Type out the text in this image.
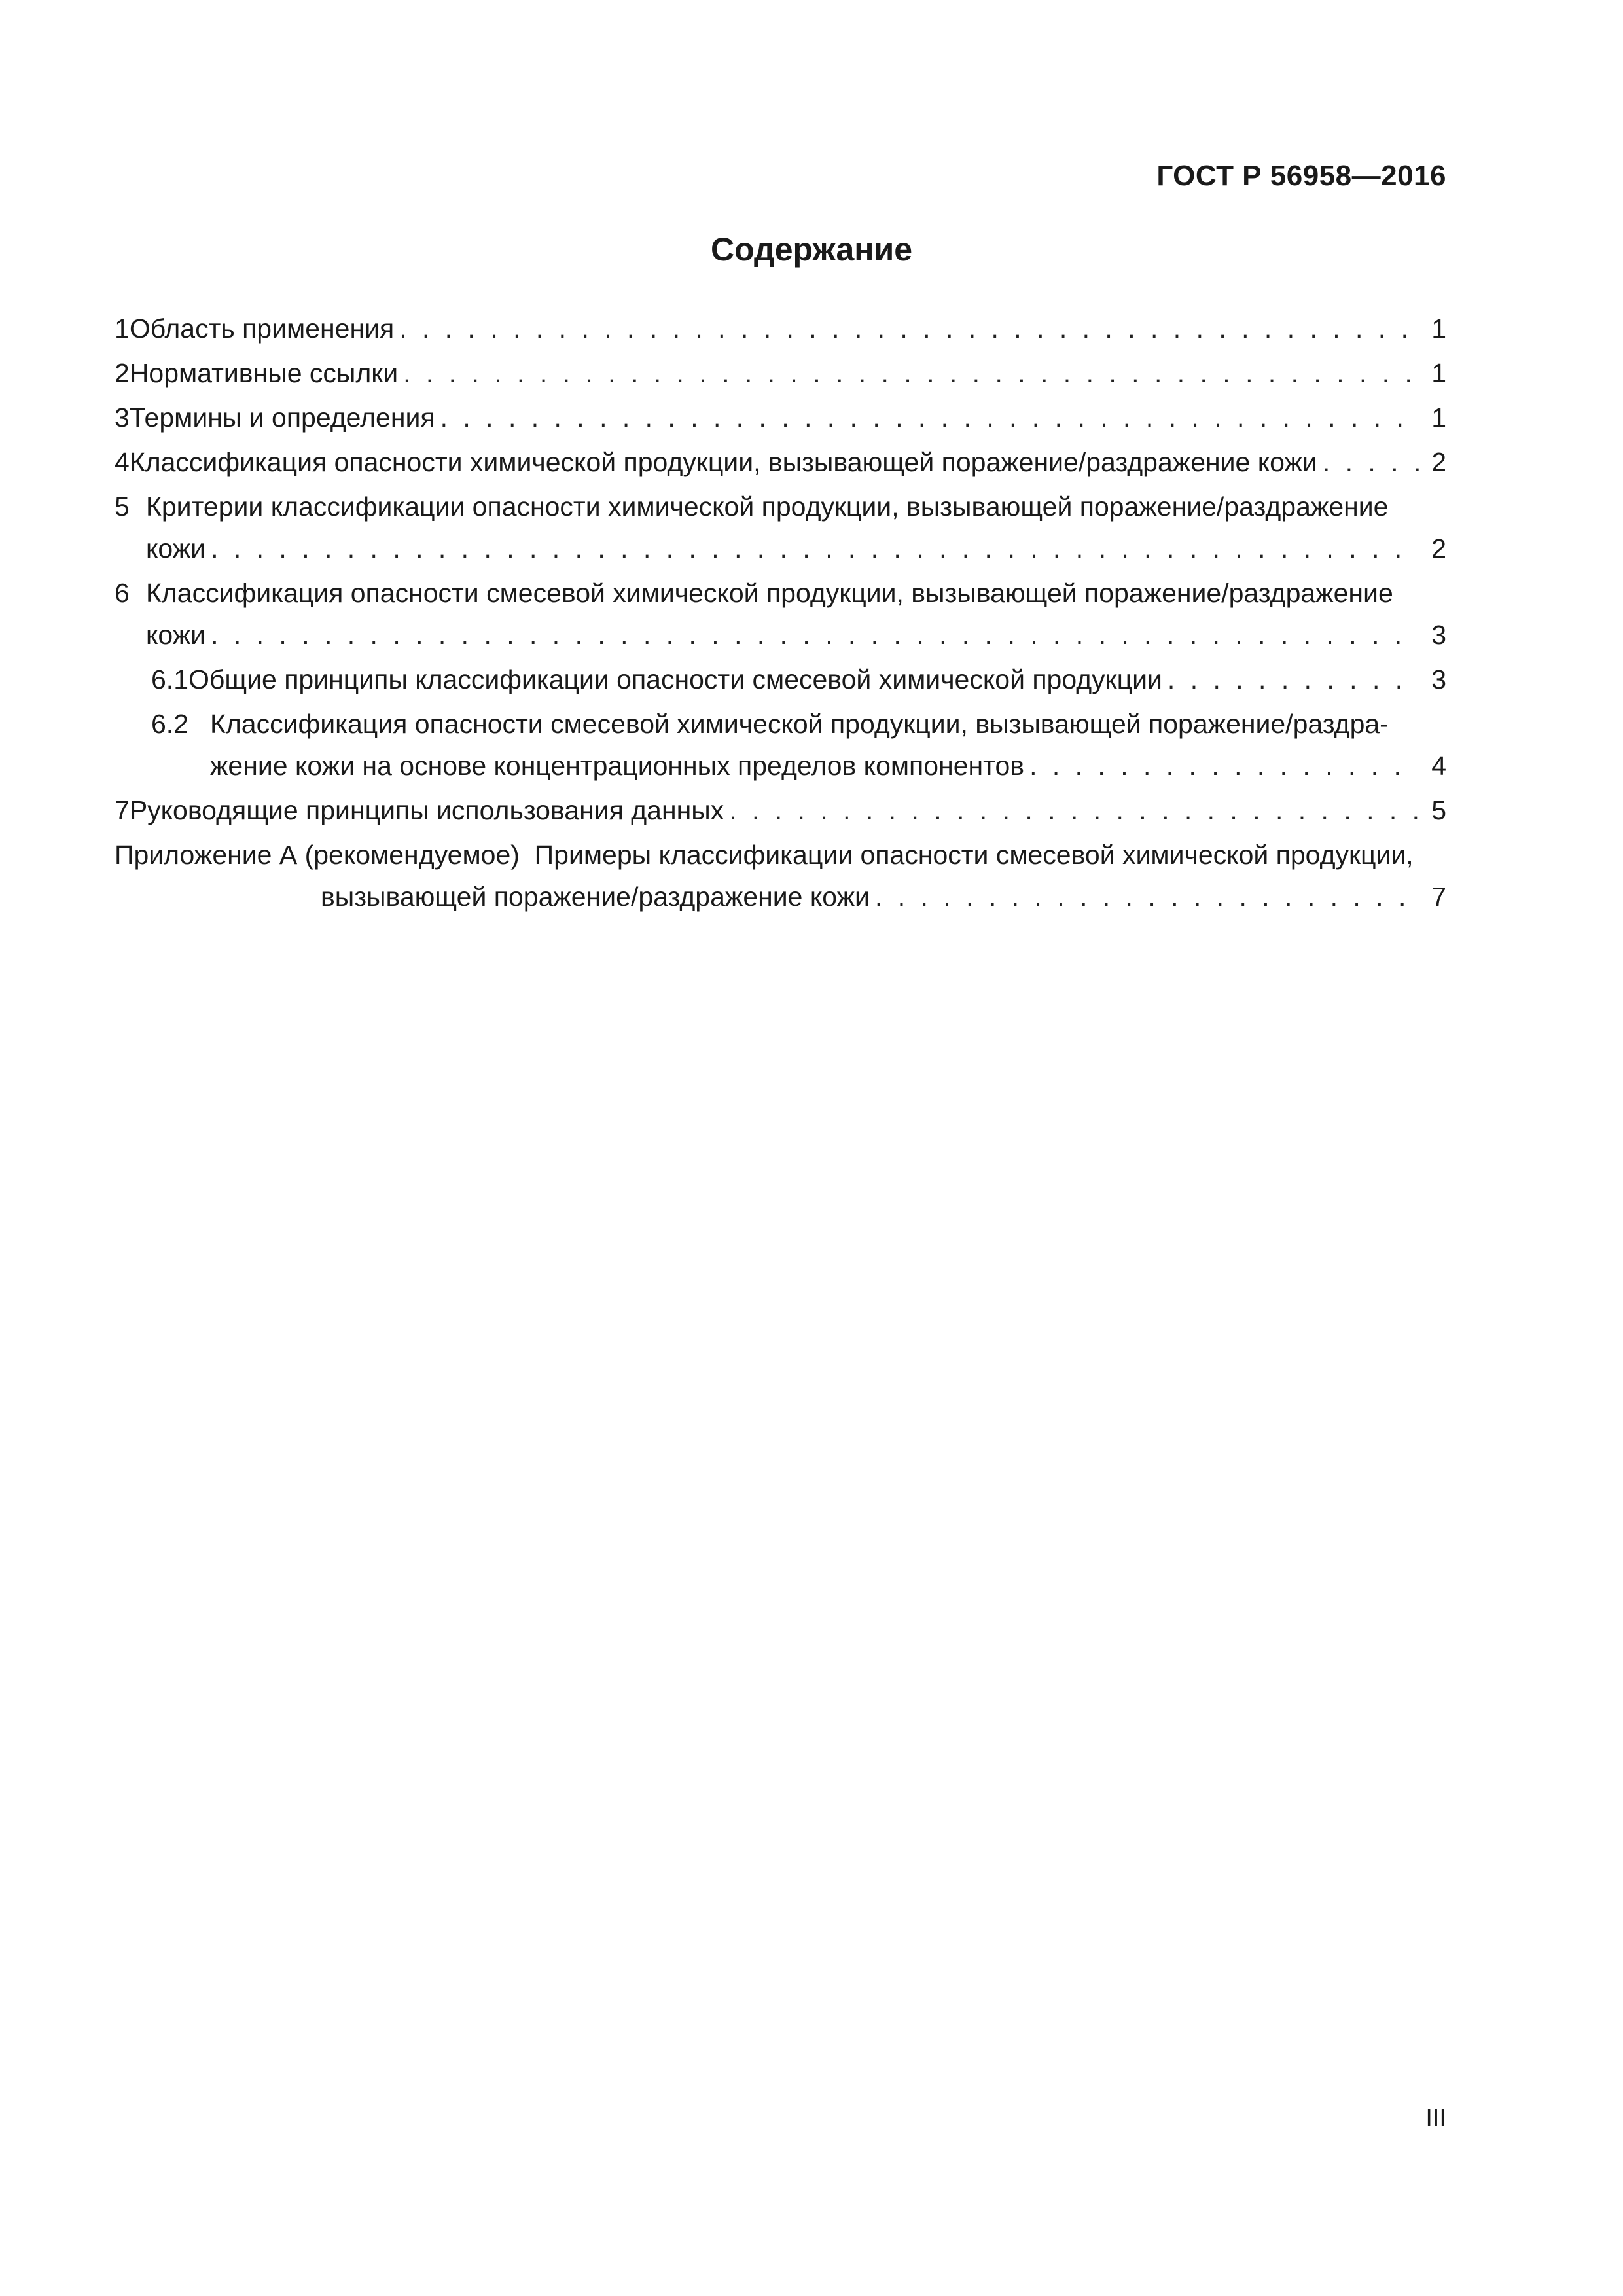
ГОСТ Р 56958—2016
Содержание
1 Область применения . . .	1
2 Нормативные ссылки . . .	1
3 Термины и определения . . .	1
4 Классификация опасности химической продукции, вызывающей поражение/раздражение кожи . . .	2
5 Критерии классификации опасности химической продукции, вызывающей поражение/раздражение
кожи . . .	2
6 Классификация опасности смесевой химической продукции, вызывающей поражение/раздражение
кожи . . .	3
6.1 Общие принципы классификации опасности смесевой химической продукции . . .	3
6.2 Классификация опасности смесевой химической продукции, вызывающей поражение/раздра-
жение кожи на основе концентрационных пределов компонентов . . .	4
7 Руководящие принципы использования данных . . .	5
Приложение А (рекомендуемое)  Примеры классификации опасности смесевой химической продукции,
вызывающей поражение/раздражение кожи . . .	7
III
